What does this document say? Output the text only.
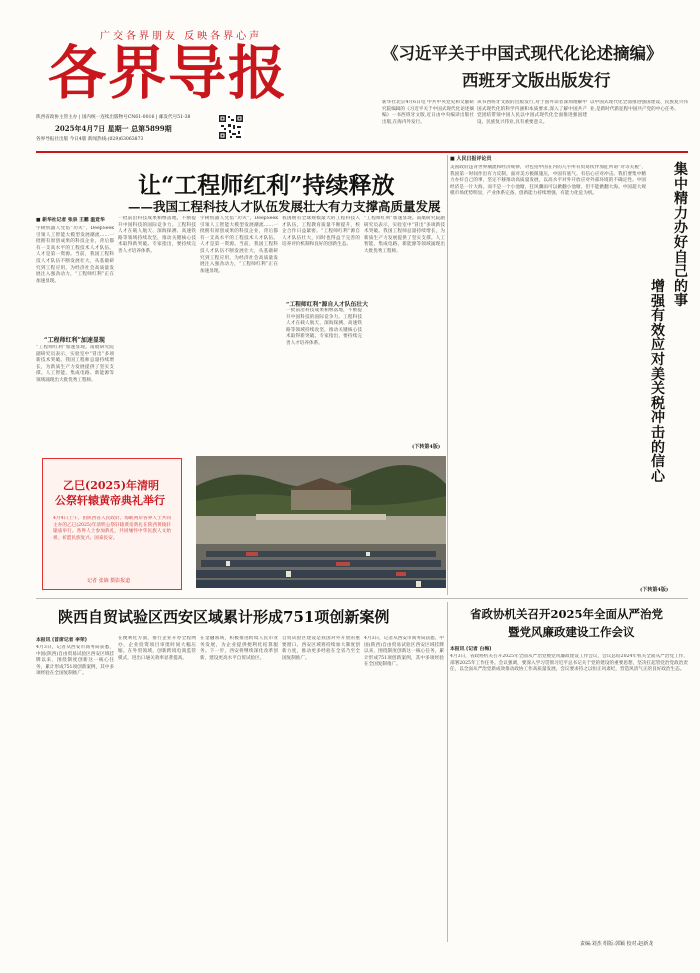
广交各界朋友 反映各界心声
各界导报
陕西省政协主管主办 | 国内统一连续出版物号CN61-0016 | 邮发代号51-38
2025年4月7日 星期一 总第5899期
各界导报社出版 今日4版 新闻热线:(029)63063873
《习近平关于中国式现代化论述摘编》
西班牙文版出版发行
新华社北京4月6日电 中共中央党史和文献研究院编辑的《习近平关于中国式现代化论述摘编》一书西班牙文版,近日由中央编译出版社出版,在海内外发行。
该书西班牙文版的出版发行,对于国外读者深刻理解中国式现代化的科学内涵和本质要求,深入了解中国共产党团结带领中国人民以中国式现代化全面推进强国建设、民族复兴伟业,具有重要意义。
以中国式现代化全面推进强国建设、民族复兴伟业,是新时代新征程中国共产党的中心任务。
让“工程师红利”持续释放
——我国工程科技人才队伍发展壮大有力支撑高质量发展
■ 新华社记者 张泉 王鹏 温竞华
宇树机器人凭借“功夫”，DeepSeek引领人工智能大模型发展潮流……一批拥有原创成果的科技企业，背后都有一支高水平的工程技术人才队伍。人才是第一资源。当前，我国工程科技人才队伍不断发展壮大，从基础研究到工程应用，为经济社会高质量发展注入强劲动力，“工程师红利”正在加速显现。
“工程师红利”加速显现
“工程师红利”加速显现。南航研究院副研究员表示，实验室中“冒出”多项新技术突破。我国工程师总量持续增长，为新质生产力发展提供了坚实支撑。人工智能、集成电路、新能源等领域涌现出大批优秀工程师。
一批前沿科技成果相继落地，不断提升中国科技的国际竞争力。工程科技人才在载人航天、深海探测、高速铁路等领域持续攻坚，推动关键核心技术取得新突破。专家指出，要持续完善人才培养体系。
宇树机器人凭借“功夫”，DeepSeek引领人工智能大模型发展潮流……一批拥有原创成果的科技企业，背后都有一支高水平的工程技术人才队伍。人才是第一资源。当前，我国工程科技人才队伍不断发展壮大，从基础研究到工程应用，为经济社会高质量发展注入强劲动力，“工程师红利”正在加速显现。
我国拥有全球规模最大的工程科技人才队伍，工程教育质量不断提升，校企合作日益紧密。“工程师红利”源自人才队伍壮大，同时也得益于完善的培养评价机制和良好的创新生态。
“工程师红利”源自人才队伍壮大
“工程师红利”加速显现。南航研究院副研究员表示，实验室中“冒出”多项新技术突破。我国工程师总量持续增长，为新质生产力发展提供了坚实支撑。人工智能、集成电路、新能源等领域涌现出大批优秀工程师。
一批前沿科技成果相继落地，不断提升中国科技的国际竞争力。工程科技人才在载人航天、深海探测、高速铁路等领域持续攻坚，推动关键核心技术取得新突破。专家指出，要持续完善人才培养体系。
(下转第4版)
乙巳(2025)年清明
公祭轩辕黄帝典礼举行
4月4日上午，由陕西省人民政府、海峡两岸各界人士共同主办的乙巳(2025)年清明公祭轩辕黄帝典礼在陕西黄陵轩辕庙举行。各界人士参加典礼，共同缅怀中华民族人文始祖，祈愿民族复兴、国泰民安。
记者 张镝 摄影报道
■ 人民日报评论员
集中精力办好自己的事
增强有效应对美关税冲击的信心
美国政府违背世界潮流和经济规律，对包括中国在内的几乎所有贸易伙伴加征所谓“对等关税”，我国第一时间作出有力反制。面对美方极限施压，中国有底气、有信心应对冲击。我们要集中精力办好自己的事，坚定不移推动高质量发展，以高水平对外开放应对外部环境的不确定性。中国经济是一片大海，而不是一个小池塘，狂风骤雨可以掀翻小池塘，但不能掀翻大海。中国超大规模市场优势明显，产业体系完备，创新能力持续增强，有能力化危为机。
(下转第4版)
陕西自贸试验区西安区域累计形成751项创新案例
本报讯 (首席记者 李荣)
4月3日，记者从西安市商务局获悉，中国(陕西)自由贸易试验区西安区域挂牌以来，围绕制度创新这一核心任务，累计形成751项创新案例，其中多项经验在全国复制推广。
在便利化方面，推行企业开办全程网办，企业投资项目审批时间大幅压缩。在外贸领域，创新跨境电商监管模式，进出口通关效率显著提高。
在金融领域，积极推进跨境人民币业务发展，为企业提供便利化结算服务。下一步，西安将继续深化改革创新，建设更高水平自贸试验区。
自贸试验区建设是我国对外开放的重要窗口。西安区域将持续加大制度创新力度，推动更多经验在全省乃至全国复制推广。
4月3日，记者从西安市商务局获悉，中国(陕西)自由贸易试验区西安区域挂牌以来，围绕制度创新这一核心任务，累计形成751项创新案例，其中多项经验在全国复制推广。
省政协机关召开2025年全面从严治党
暨党风廉政建设工作会议
本报讯 (记者 白梅)
4月3日，省政协机关召开2025年全面从严治党暨党风廉政建设工作会议，会议总结2024年机关全面从严治党工作，部署2025年工作任务。会议强调，要深入学习贯彻习近平总书记关于党的建设的重要思想，坚决扛起管党治党政治责任，以全面从严治党新成效推动政协工作高质量发展。会议要求持之以恒正风肃纪，营造风清气正的良好政治生态。
责编:刘杰 组版:郭颖 校对:赵新龙
